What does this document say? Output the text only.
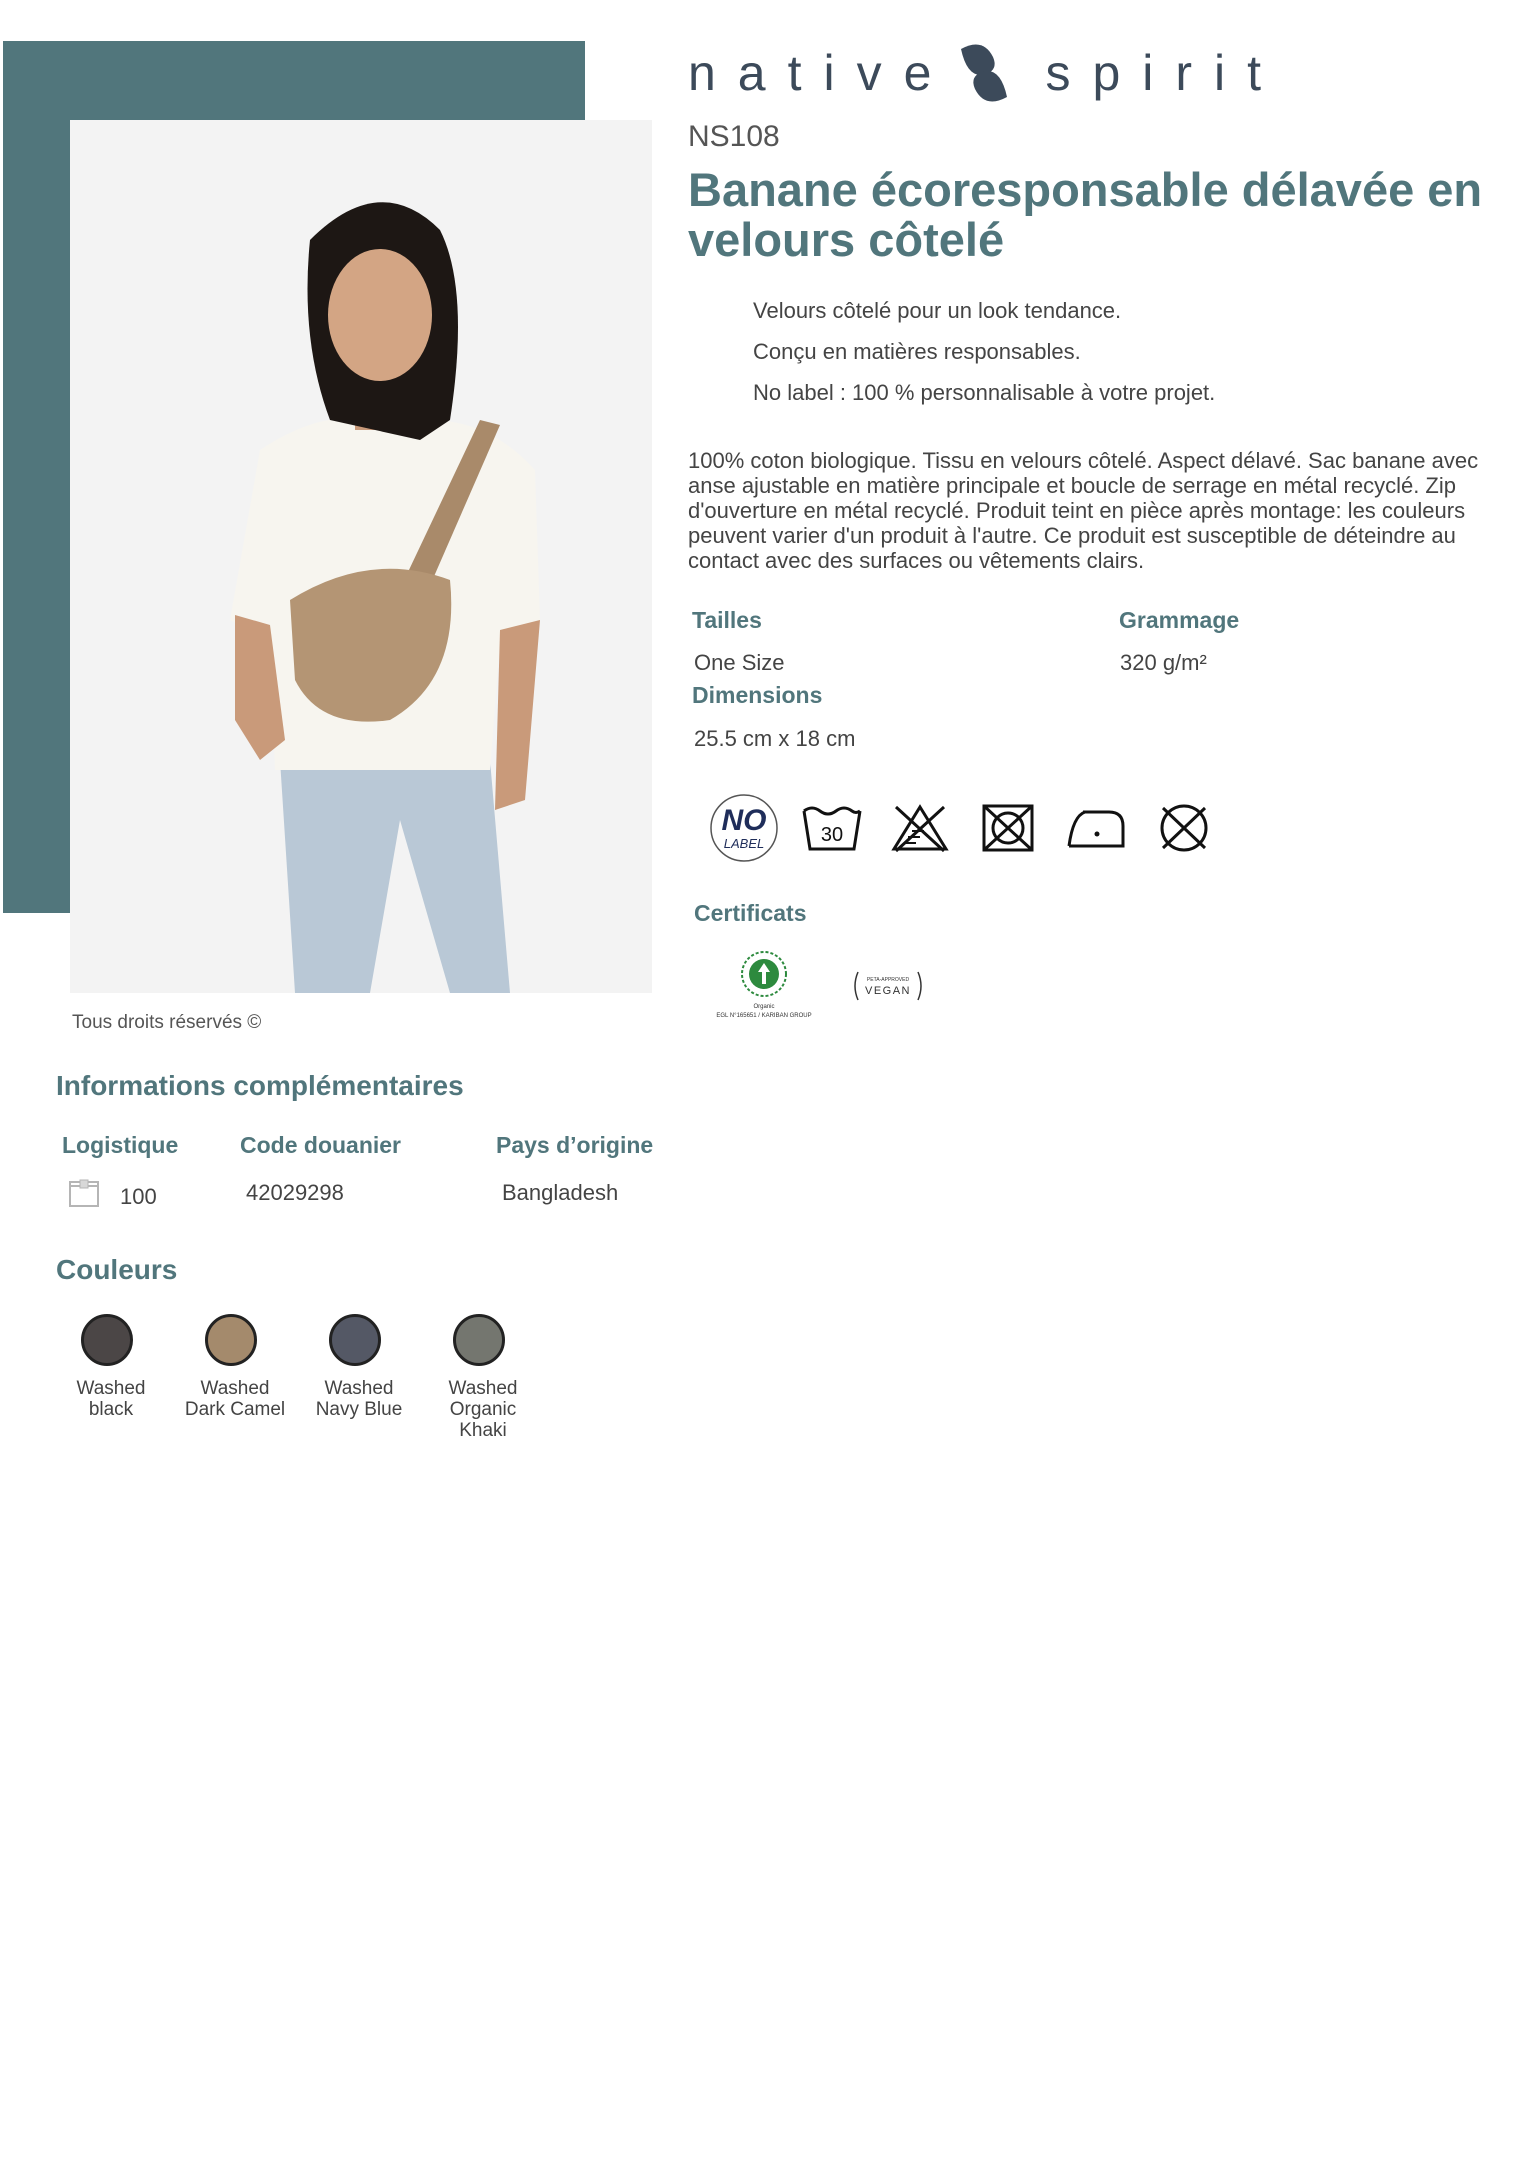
Tous droits réservés ©
native spirit
NS108
Banane écoresponsable délavée en velours côtelé
Velours côtelé pour un look tendance.
Conçu en matières responsables.
No label : 100 % personnalisable à votre projet.
100% coton biologique. Tissu en velours côtelé. Aspect délavé. Sac banane avec anse ajustable en matière principale et boucle de serrage en métal recyclé. Zip d'ouverture en métal recyclé. Produit teint en pièce après montage: les couleurs peuvent varier d'un produit à l'autre. Ce produit est susceptible de déteindre au contact avec des surfaces ou vêtements clairs.
Tailles
One Size
Grammage
320 g/m²
Dimensions
25.5 cm x 18 cm
NO
LABEL	30
Certificats
Organic
EGL N°165651 / KARIBAN GROUP
PETA-APPROVED
VEGAN
Informations complémentaires
Logistique	Code douanier	Pays d’origine
100	42029298	Bangladesh
Couleurs
Washed
black
Washed
Dark Camel
Washed
Navy Blue
Washed
Organic
Khaki
